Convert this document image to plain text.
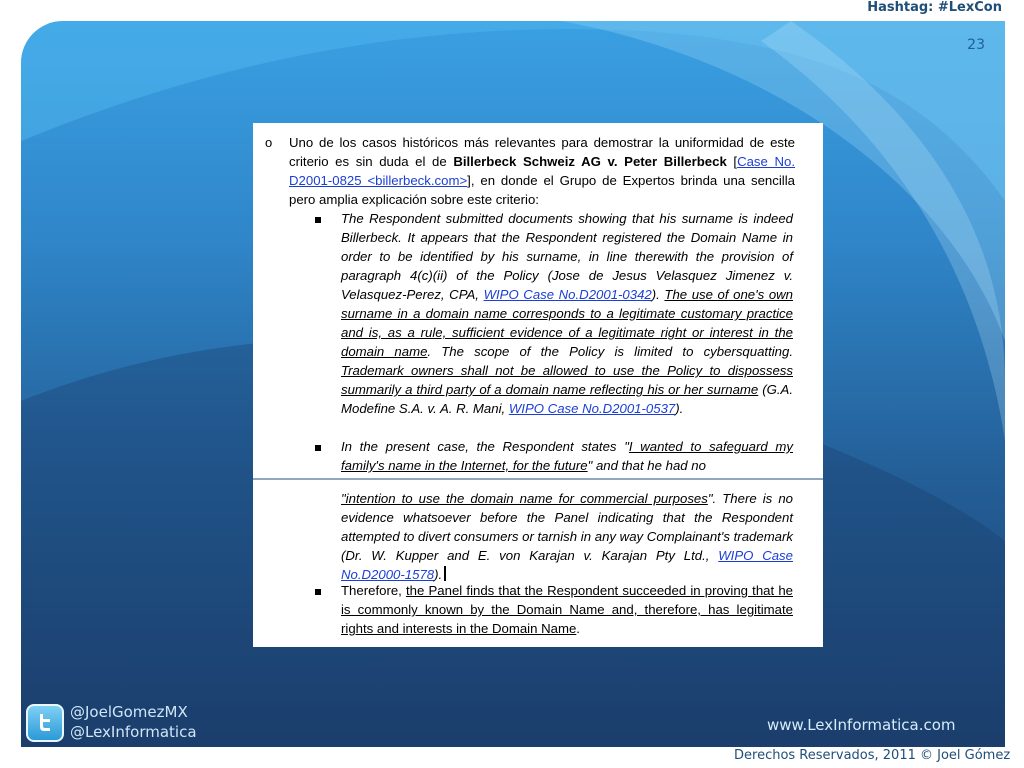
Hashtag: #LexCon
23
o Uno de los casos históricos más relevantes para demostrar la uniformidad de este criterio es sin duda el de Billerbeck Schweiz AG v. Peter Billerbeck [Case No. D2001-0825 <billerbeck.com>], en donde el Grupo de Expertos brinda una sencilla pero amplia explicación sobre este criterio:
The Respondent submitted documents showing that his surname is indeed Billerbeck. It appears that the Respondent registered the Domain Name in order to be identified by his surname, in line therewith the provision of paragraph 4(c)(ii) of the Policy (Jose de Jesus Velasquez Jimenez v. Velasquez-Perez, CPA, WIPO Case No.D2001-0342). The use of one's own surname in a domain name corresponds to a legitimate customary practice and is, as a rule, sufficient evidence of a legitimate right or interest in the domain name. The scope of the Policy is limited to cybersquatting. Trademark owners shall not be allowed to use the Policy to dispossess summarily a third party of a domain name reflecting his or her surname (G.A. Modefine S.A. v. A. R. Mani, WIPO Case No.D2001-0537).
In the present case, the Respondent states "I wanted to safeguard my family's name in the Internet, for the future" and that he had no
"intention to use the domain name for commercial purposes". There is no evidence whatsoever before the Panel indicating that the Respondent attempted to divert consumers or tarnish in any way Complainant's trademark (Dr. W. Kupper and E. von Karajan v. Karajan Pty Ltd., WIPO Case No.D2000-1578).
Therefore, the Panel finds that the Respondent succeeded in proving that he is commonly known by the Domain Name and, therefore, has legitimate rights and interests in the Domain Name.
@JoelGomezMX
@LexInformatica	www.LexInformatica.com
Derechos Reservados, 2011 © Joel Gómez
